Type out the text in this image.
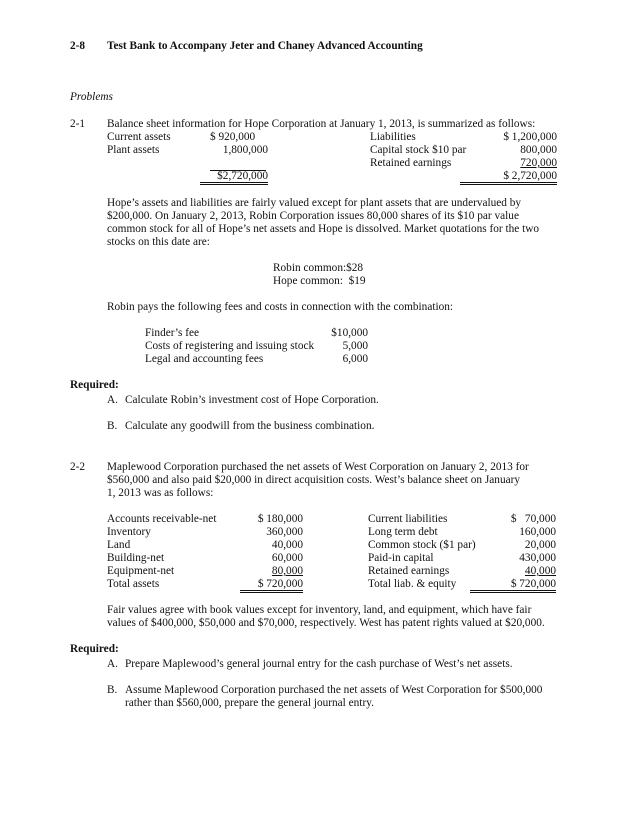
2-8 Test Bank to Accompany Jeter and Chaney Advanced Accounting
Problems
2-1 Balance sheet information for Hope Corporation at January 1, 2013, is summarized as follows:
Current assets	$ 920,000
Plant assets	1,800,000
$2,720,000
Liabilities	$ 1,200,000
Capital stock $10 par	800,000
Retained earnings	720,000
$ 2,720,000
Hope’s assets and liabilities are fairly valued except for plant assets that are undervalued by
$200,000. On January 2, 2013, Robin Corporation issues 80,000 shares of its $10 par value
common stock for all of Hope’s net assets and Hope is dissolved. Market quotations for the two
stocks on this date are:
Robin common:$28
Hope common:  $19
Robin pays the following fees and costs in connection with the combination:
Finder’s fee	$10,000
Costs of registering and issuing stock	5,000
Legal and accounting fees	6,000
Required:
A. Calculate Robin’s investment cost of Hope Corporation.
B. Calculate any goodwill from the business combination.
2-2 Maplewood Corporation purchased the net assets of West Corporation on January 2, 2013 for
$560,000 and also paid $20,000 in direct acquisition costs. West’s balance sheet on January
1, 2013 was as follows:
Accounts receivable-net	$ 180,000
Inventory	360,000
Land	40,000
Building-net	60,000
Equipment-net	80,000
Total assets	$ 720,000
Current liabilities	$   70,000
Long term debt	160,000
Common stock ($1 par)	20,000
Paid-in capital	430,000
Retained earnings	40,000
Total liab. & equity	$ 720,000
Fair values agree with book values except for inventory, land, and equipment, which have fair
values of $400,000, $50,000 and $70,000, respectively. West has patent rights valued at $20,000.
Required:
A. Prepare Maplewood’s general journal entry for the cash purchase of West’s net assets.
B. Assume Maplewood Corporation purchased the net assets of West Corporation for $500,000
rather than $560,000, prepare the general journal entry.
